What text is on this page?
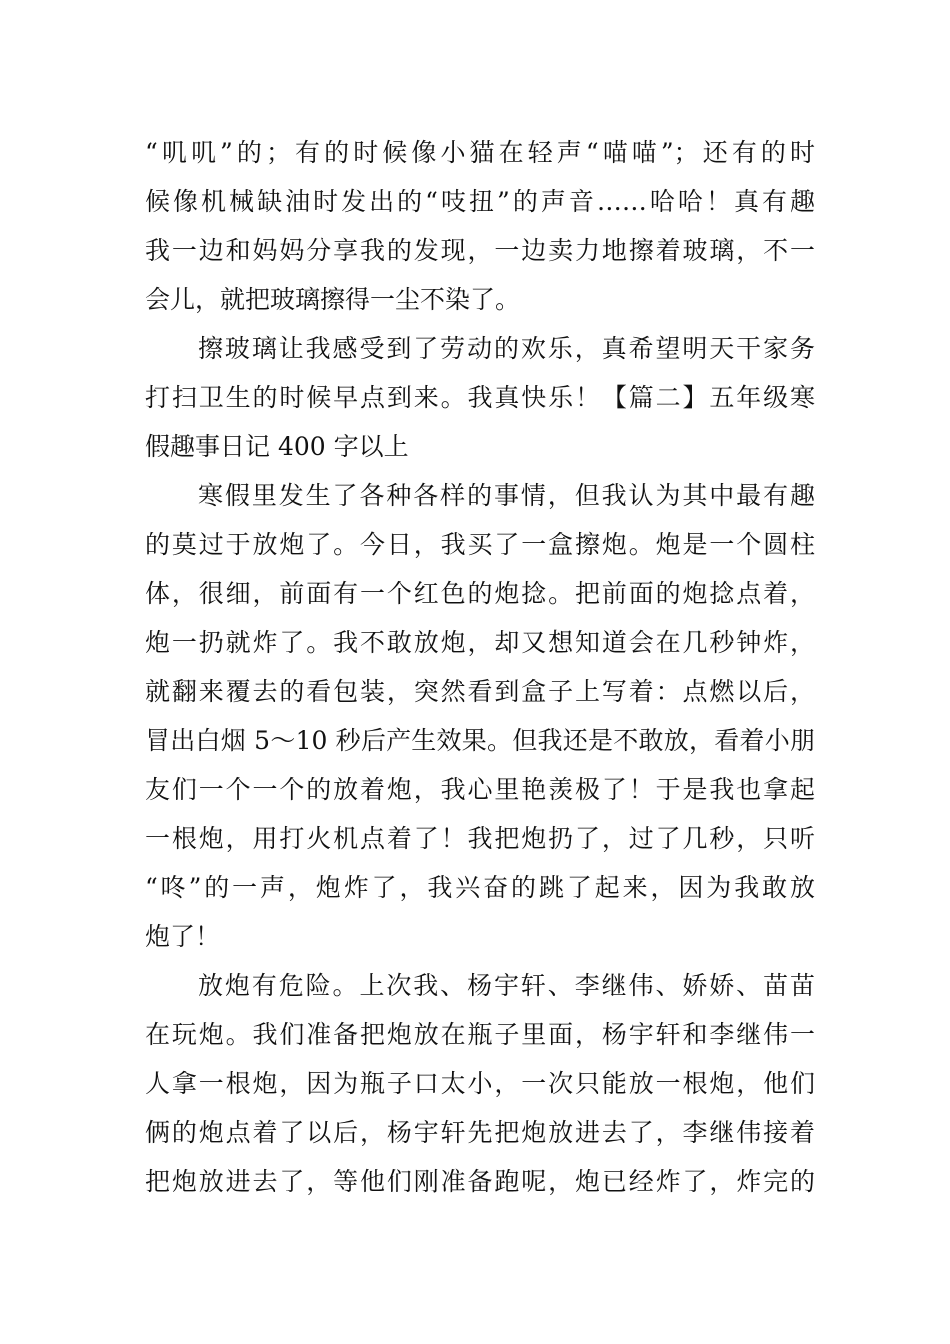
“叽叽”的；有的时候像小猫在轻声“喵喵”；还有的时
候像机械缺油时发出的“吱扭”的声音……哈哈！真有趣
我一边和妈妈分享我的发现，一边卖力地擦着玻璃，不一
会儿，就把玻璃擦得一尘不染了。
擦玻璃让我感受到了劳动的欢乐，真希望明天干家务
打扫卫生的时候早点到来。我真快乐！【篇二】五年级寒
假趣事日记 400 字以上
寒假里发生了各种各样的事情，但我认为其中最有趣
的莫过于放炮了。今日，我买了一盒擦炮。炮是一个圆柱
体，很细，前面有一个红色的炮捻。把前面的炮捻点着，
炮一扔就炸了。我不敢放炮，却又想知道会在几秒钟炸，
就翻来覆去的看包装，突然看到盒子上写着：点燃以后，
冒出白烟 5～10 秒后产生效果。但我还是不敢放，看着小朋
友们一个一个的放着炮，我心里艳羡极了！于是我也拿起
一根炮，用打火机点着了！我把炮扔了，过了几秒，只听
“咚”的一声，炮炸了，我兴奋的跳了起来，因为我敢放
炮了！
放炮有危险。上次我、杨宇轩、李继伟、娇娇、苗苗
在玩炮。我们准备把炮放在瓶子里面，杨宇轩和李继伟一
人拿一根炮，因为瓶子口太小，一次只能放一根炮，他们
俩的炮点着了以后，杨宇轩先把炮放进去了，李继伟接着
把炮放进去了，等他们刚准备跑呢，炮已经炸了，炸完的
